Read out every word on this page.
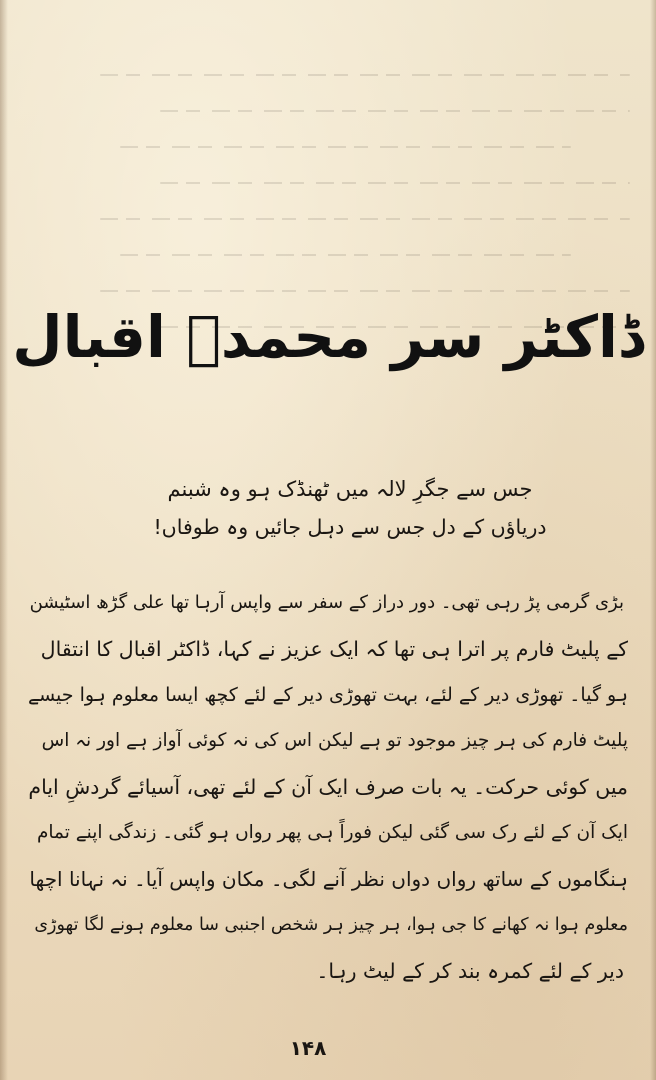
ڈاکٹر سر محمدؐ اقبال
جس سے جگرِ لالہ میں ٹھنڈک ہو وہ شبنم
دریاؤں کے دل جس سے دہل جائیں وہ طوفاں!
بڑی گرمی پڑ رہی تھی۔ دور دراز کے سفر سے واپس آرہا تھا علی گڑھ اسٹیشن
کے پلیٹ فارم پر اترا ہی تھا کہ ایک عزیز نے کہا، ڈاکٹر اقبال کا انتقال
ہو گیا۔ تھوڑی دیر کے لئے، بہت تھوڑی دیر کے لئے کچھ ایسا معلوم ہوا جیسے
پلیٹ فارم کی ہر چیز موجود تو ہے لیکن اس کی نہ کوئی آواز ہے اور نہ اس
میں کوئی حرکت۔ یہ بات صرف ایک آن کے لئے تھی، آسیائے گردشِ ایام
ایک آن کے لئے رک سی گئی لیکن فوراً ہی پھر رواں ہو گئی۔ زندگی اپنے تمام
ہنگاموں کے ساتھ رواں دواں نظر آنے لگی۔ مکان واپس آیا۔ نہ نہانا اچھا
معلوم ہوا نہ کھانے کا جی ہوا، ہر چیز ہر شخص اجنبی سا معلوم ہونے لگا تھوڑی
دیر کے لئے کمرہ بند کر کے لیٹ رہا۔
۱۴۸
